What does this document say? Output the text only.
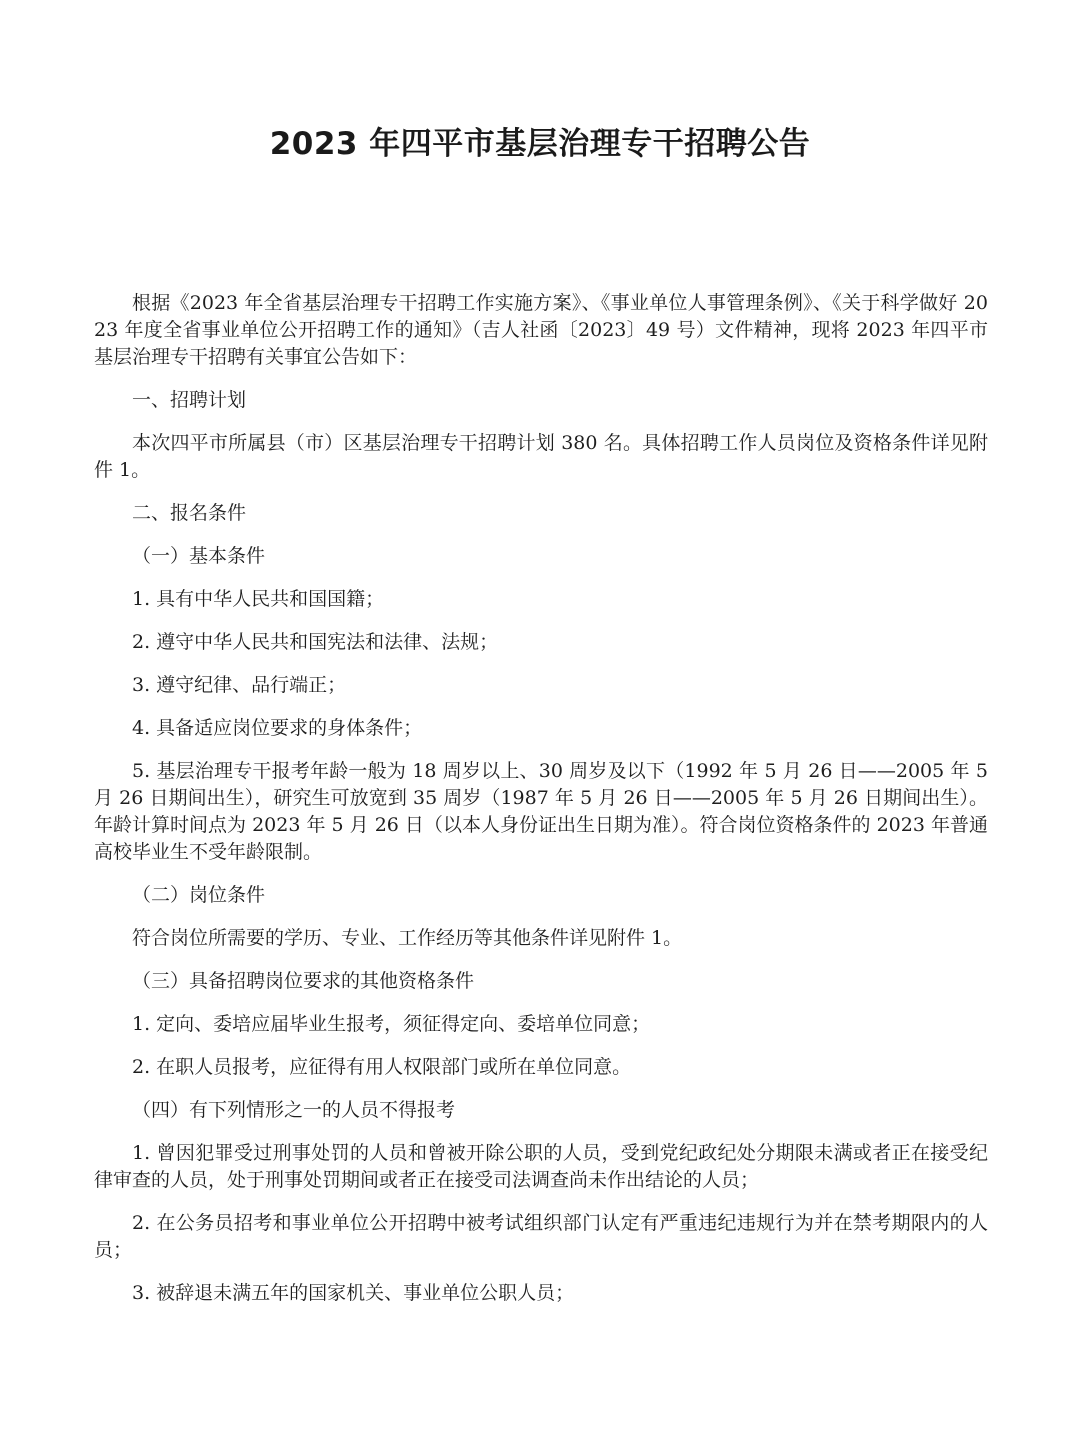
2023 年四平市基层治理专干招聘公告

根据《2023 年全省基层治理专干招聘工作实施方案》、《事业单位人事管理条例》、《关于科学做好 2023 年度全省事业单位公开招聘工作的通知》（吉人社函〔2023〕49 号）文件精神，现将 2023 年四平市基层治理专干招聘有关事宜公告如下：

一、招聘计划

本次四平市所属县（市）区基层治理专干招聘计划 380 名。具体招聘工作人员岗位及资格条件详见附件 1。

二、报名条件

（一）基本条件

1. 具有中华人民共和国国籍；

2. 遵守中华人民共和国宪法和法律、法规；

3. 遵守纪律、品行端正；

4. 具备适应岗位要求的身体条件；

5. 基层治理专干报考年龄一般为 18 周岁以上、30 周岁及以下（1992 年 5 月 26 日——2005 年 5 月 26 日期间出生），研究生可放宽到 35 周岁（1987 年 5 月 26 日——2005 年 5 月 26 日期间出生）。年龄计算时间点为 2023 年 5 月 26 日（以本人身份证出生日期为准）。符合岗位资格条件的 2023 年普通高校毕业生不受年龄限制。

（二）岗位条件

符合岗位所需要的学历、专业、工作经历等其他条件详见附件 1。

（三）具备招聘岗位要求的其他资格条件

1. 定向、委培应届毕业生报考，须征得定向、委培单位同意；

2. 在职人员报考，应征得有用人权限部门或所在单位同意。

（四）有下列情形之一的人员不得报考

1. 曾因犯罪受过刑事处罚的人员和曾被开除公职的人员，受到党纪政纪处分期限未满或者正在接受纪律审查的人员，处于刑事处罚期间或者正在接受司法调查尚未作出结论的人员；

2. 在公务员招考和事业单位公开招聘中被考试组织部门认定有严重违纪违规行为并在禁考期限内的人员；

3. 被辞退未满五年的国家机关、事业单位公职人员；
